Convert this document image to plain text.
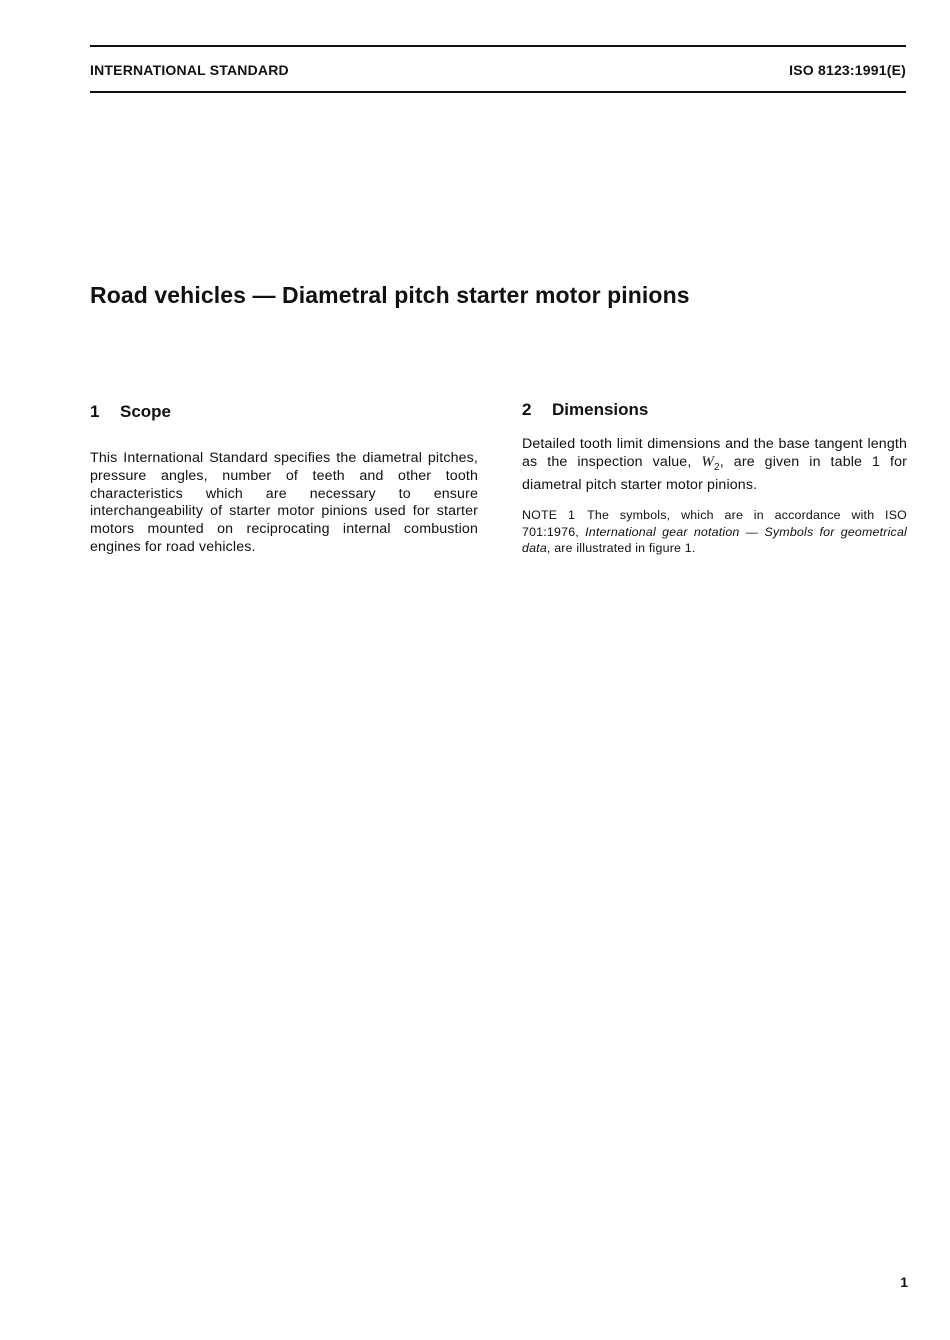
INTERNATIONAL STANDARD	ISO 8123:1991(E)
Road vehicles — Diametral pitch starter motor pinions
1 Scope

This International Standard specifies the diametral pitches, pressure angles, number of teeth and other tooth characteristics which are necessary to ensure interchangeability of starter motor pinions used for starter motors mounted on reciprocating internal combustion engines for road vehicles.

2 Dimensions

Detailed tooth limit dimensions and the base tangent length as the inspection value, $W_2$, are given in table 1 for diametral pitch starter motor pinions.

NOTE 1 The symbols, which are in accordance with ISO 701:1976, International gear notation — Symbols for geometrical data, are illustrated in figure 1.

1
